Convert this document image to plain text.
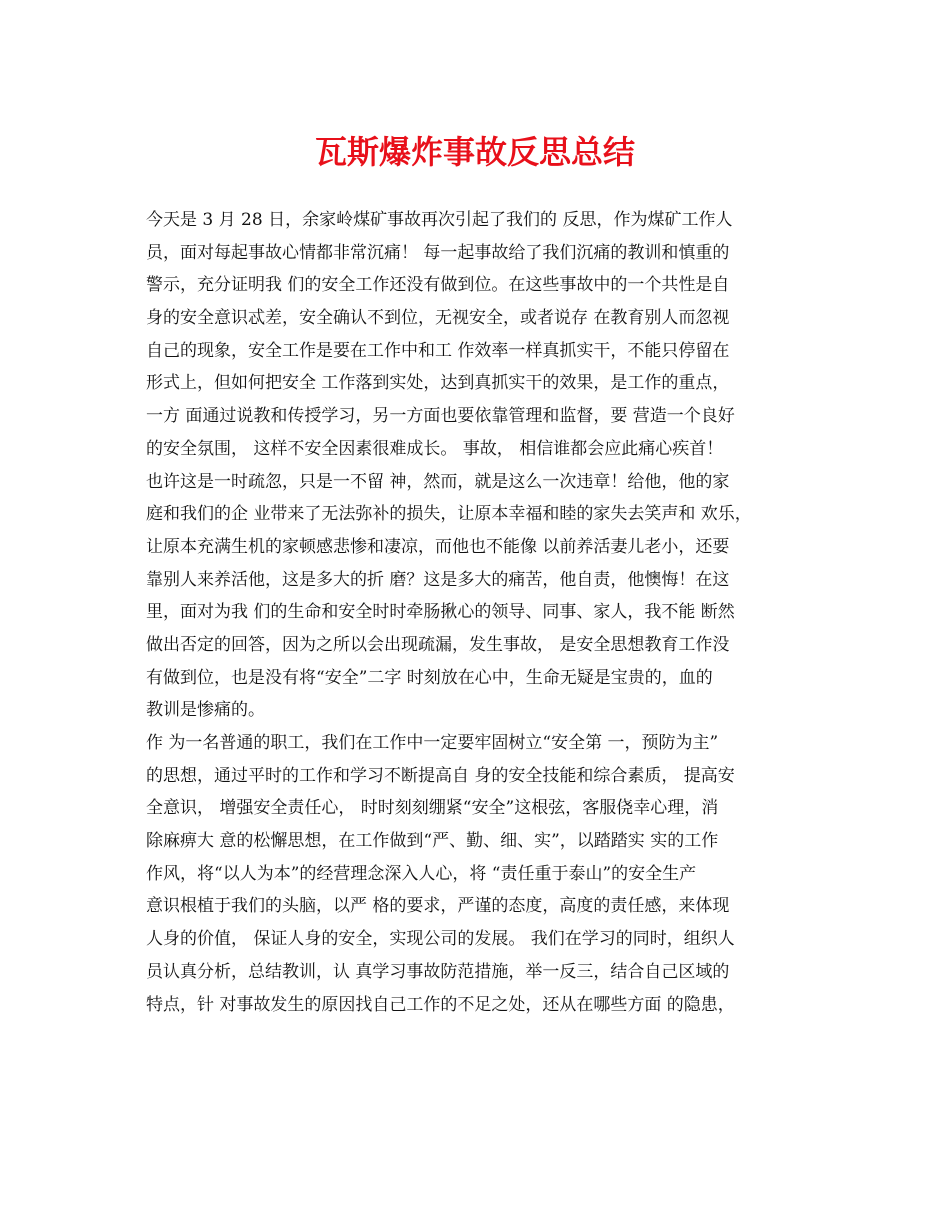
瓦斯爆炸事故反思总结
今天是 3 月 28 日，余家岭煤矿事故再次引起了我们的 反思，作为煤矿工作人
员，面对每起事故心情都非常沉痛！ 每一起事故给了我们沉痛的教训和慎重的
警示，充分证明我 们的安全工作还没有做到位。在这些事故中的一个共性是自
身的安全意识忒差，安全确认不到位，无视安全，或者说存 在教育别人而忽视
自己的现象，安全工作是要在工作中和工 作效率一样真抓实干，不能只停留在
形式上，但如何把安全 工作落到实处，达到真抓实干的效果，是工作的重点，
一方 面通过说教和传授学习，另一方面也要依靠管理和监督，要 营造一个良好
的安全氛围， 这样不安全因素很难成长。 事故， 相信谁都会应此痛心疾首！
也许这是一时疏忽，只是一不留 神，然而，就是这么一次违章！给他，他的家
庭和我们的企 业带来了无法弥补的损失，让原本幸福和睦的家失去笑声和 欢乐，
让原本充满生机的家顿感悲惨和凄凉，而他也不能像 以前养活妻儿老小，还要
靠别人来养活他，这是多大的折 磨？这是多大的痛苦，他自责，他懊悔！在这
里，面对为我 们的生命和安全时时牵肠揪心的领导、同事、家人，我不能 断然
做出否定的回答，因为之所以会出现疏漏，发生事故， 是安全思想教育工作没
有做到位，也是没有将“安全”二字 时刻放在心中，生命无疑是宝贵的，血的
教训是惨痛的。
作 为一名普通的职工，我们在工作中一定要牢固树立“安全第 一，预防为主”
的思想，通过平时的工作和学习不断提高自 身的安全技能和综合素质， 提高安
全意识， 增强安全责任心， 时时刻刻绷紧“安全”这根弦，客服侥幸心理，消
除麻痹大 意的松懈思想，在工作做到“严、勤、细、实”，以踏踏实 实的工作
作风，将“以人为本”的经营理念深入人心，将 “责任重于泰山”的安全生产
意识根植于我们的头脑，以严 格的要求，严谨的态度，高度的责任感，来体现
人身的价值， 保证人身的安全，实现公司的发展。 我们在学习的同时，组织人
员认真分析，总结教训，认 真学习事故防范措施，举一反三，结合自己区域的
特点，针 对事故发生的原因找自己工作的不足之处，还从在哪些方面 的隐患，
